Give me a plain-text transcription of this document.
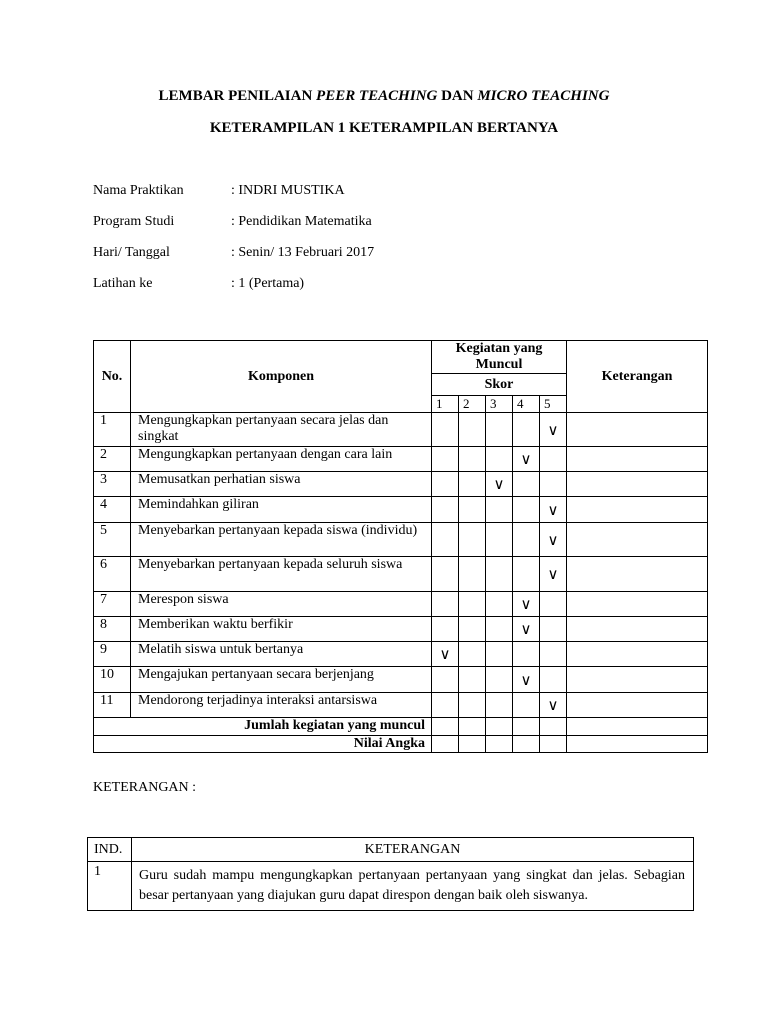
LEMBAR PENILAIAN PEER TEACHING DAN MICRO TEACHING
KETERAMPILAN 1 KETERAMPILAN BERTANYA
Nama Praktikan	: INDRI MUSTIKA
Program Studi	: Pendidikan Matematika
Hari/ Tanggal	: Senin/ 13 Februari 2017
Latihan ke	: 1 (Pertama)
No.	Komponen	Kegiatan yang Muncul					Keterangan
		Skor					
		1	2	3	4	5	
1	Mengungkapkan pertanyaan secara jelas dan singkat					∨	
2	Mengungkapkan pertanyaan dengan cara lain				∨		
3	Memusatkan perhatian siswa			∨			
4	Memindahkan giliran					∨	
5	Menyebarkan pertanyaan kepada siswa (individu)					∨	
6	Menyebarkan pertanyaan kepada seluruh siswa					∨	
7	Merespon siswa				∨		
8	Memberikan waktu berfikir				∨		
9	Melatih siswa untuk bertanya	∨					
10	Mengajukan pertanyaan secara berjenjang				∨		
11	Mendorong terjadinya interaksi antarsiswa					∨	
Jumlah kegiatan yang muncul							
Nilai Angka							
KETERANGAN :
IND.	KETERANGAN
1	Guru sudah mampu mengungkapkan pertanyaan pertanyaan yang singkat dan jelas. Sebagian besar pertanyaan yang diajukan guru dapat direspon dengan baik oleh siswanya.
